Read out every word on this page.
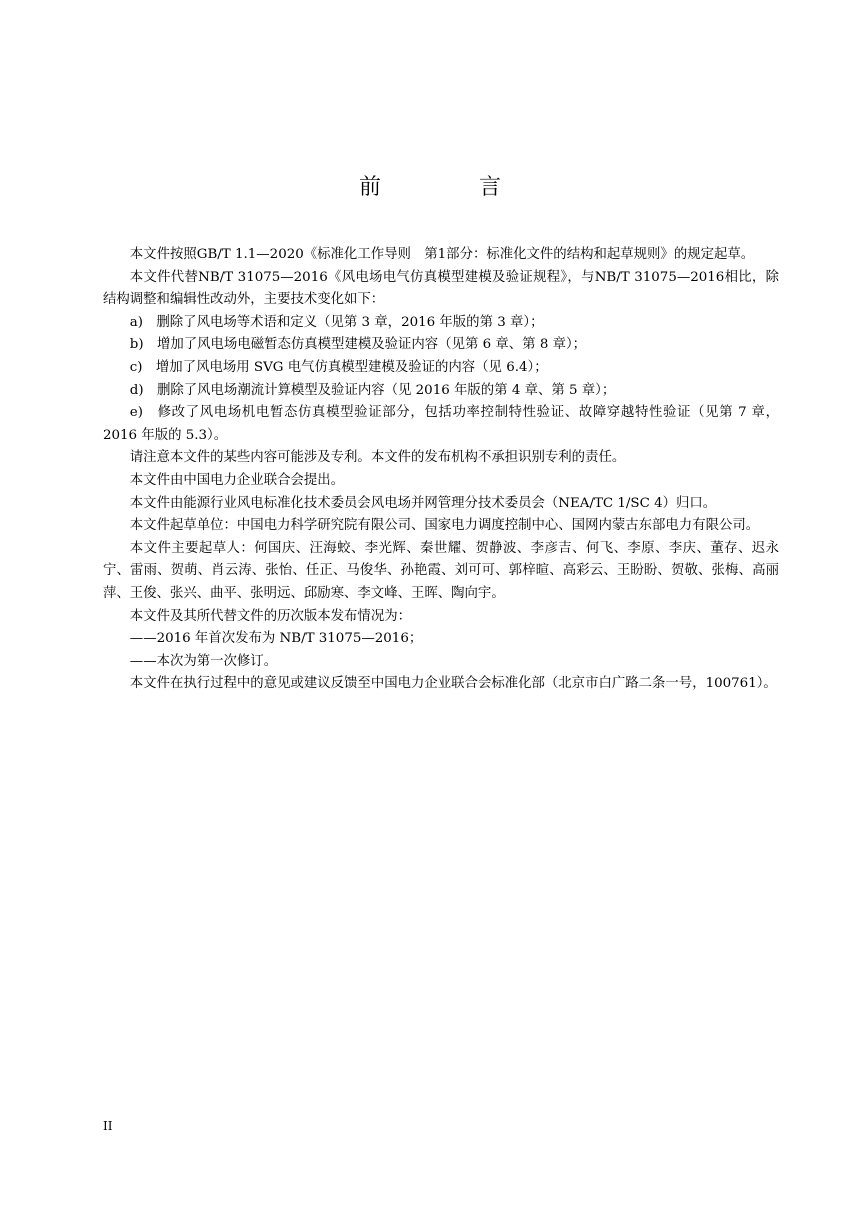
前　言

本文件按照GB/T 1.1—2020《标准化工作导则　第1部分：标准化文件的结构和起草规则》的规定起草。

本文件代替NB/T 31075—2016《风电场电气仿真模型建模及验证规程》，与NB/T 31075—2016相比，除结构调整和编辑性改动外，主要技术变化如下：

a)　删除了风电场等术语和定义（见第 3 章，2016 年版的第 3 章）；

b)　增加了风电场电磁暂态仿真模型建模及验证内容（见第 6 章、第 8 章）；

c)　增加了风电场用 SVG 电气仿真模型建模及验证的内容（见 6.4）；

d)　删除了风电场潮流计算模型及验证内容（见 2016 年版的第 4 章、第 5 章）；

e)　修改了风电场机电暂态仿真模型验证部分，包括功率控制特性验证、故障穿越特性验证（见第 7 章，2016 年版的 5.3）。

请注意本文件的某些内容可能涉及专利。本文件的发布机构不承担识别专利的责任。

本文件由中国电力企业联合会提出。

本文件由能源行业风电标准化技术委员会风电场并网管理分技术委员会（NEA/TC 1/SC 4）归口。

本文件起草单位：中国电力科学研究院有限公司、国家电力调度控制中心、国网内蒙古东部电力有限公司。

本文件主要起草人：何国庆、汪海蛟、李光辉、秦世耀、贺静波、李彦吉、何飞、李原、李庆、董存、迟永宁、雷雨、贺萌、肖云涛、张怡、任正、马俊华、孙艳霞、刘可可、郭梓暄、高彩云、王盼盼、贺敬、张梅、高丽萍、王俊、张兴、曲平、张明远、邱励寒、李文峰、王晖、陶向宇。

本文件及其所代替文件的历次版本发布情况为：

——2016 年首次发布为 NB/T 31075—2016；

——本次为第一次修订。

本文件在执行过程中的意见或建议反馈至中国电力企业联合会标准化部（北京市白广路二条一号，100761）。

II
